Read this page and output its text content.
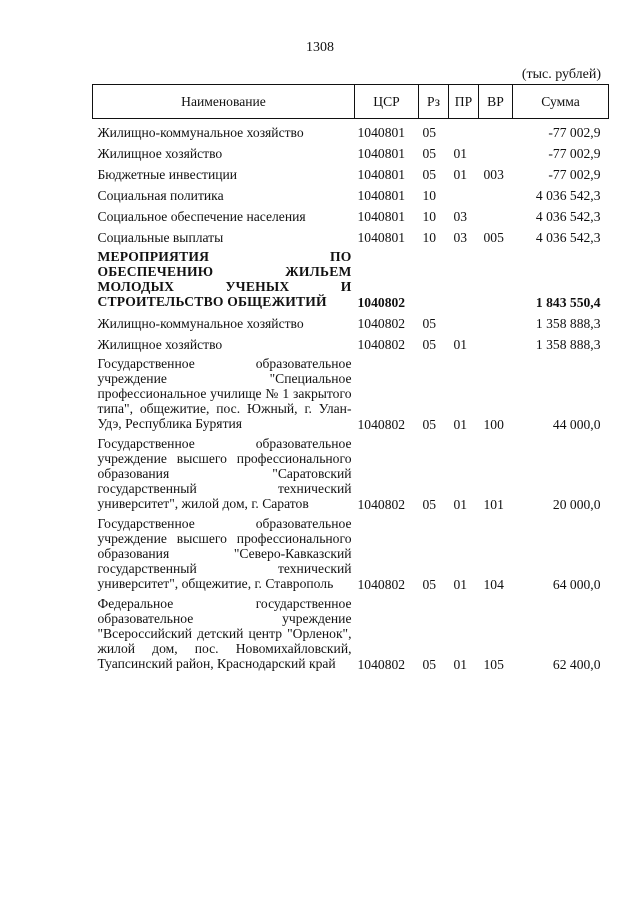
1308
(тыс. рублей)
Наименование	ЦСР	Рз	ПР	ВР	Сумма
Жилищно-коммунальное хозяйство	1040801	05			-77 002,9
Жилищное хозяйство	1040801	05	01		-77 002,9
Бюджетные инвестиции	1040801	05	01	003	-77 002,9
Социальная политика	1040801	10			4 036 542,3
Социальное обеспечение населения	1040801	10	03		4 036 542,3
Социальные выплаты	1040801	10	03	005	4 036 542,3
МЕРОПРИЯТИЯ ПО ОБЕСПЕЧЕНИЮ ЖИЛЬЕМ МОЛОДЫХ УЧЕНЫХ И СТРОИТЕЛЬСТВО ОБЩЕЖИТИЙ	1040802				1 843 550,4
Жилищно-коммунальное хозяйство	1040802	05			1 358 888,3
Жилищное хозяйство	1040802	05	01		1 358 888,3
Государственное образовательное учреждение "Специальное профессиональное училище № 1 закрытого типа", общежитие, пос. Южный, г. Улан-Удэ, Республика Бурятия	1040802	05	01	100	44 000,0
Государственное образовательное учреждение высшего профессионального образования "Саратовский государственный технический университет", жилой дом, г. Саратов	1040802	05	01	101	20 000,0
Государственное образовательное учреждение высшего профессионального образования "Северо-Кавказский государственный технический университет", общежитие, г. Ставрополь	1040802	05	01	104	64 000,0
Федеральное государственное образовательное учреждение "Всероссийский детский центр "Орленок", жилой дом, пос. Новомихайловский, Туапсинский район, Краснодарский край	1040802	05	01	105	62 400,0
